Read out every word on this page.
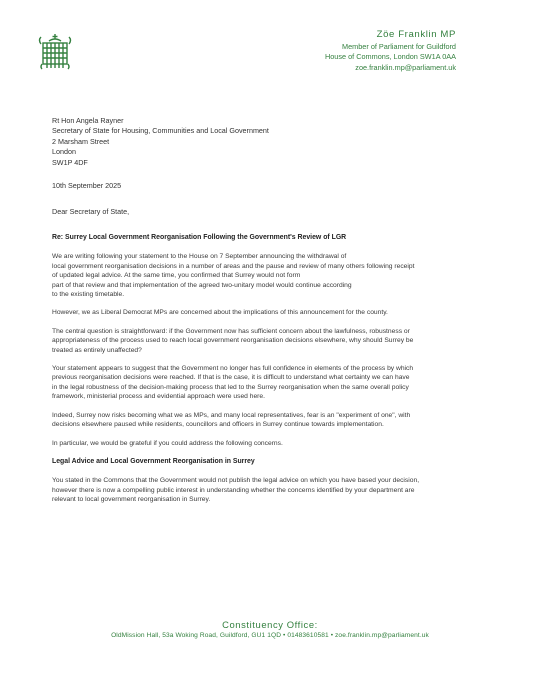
Zöe Franklin MP
Member of Parliament for Guildford
House of Commons, London SW1A 0AA
zoe.franklin.mp@parliament.uk
Rt Hon Angela Rayner
Secretary of State for Housing, Communities and Local Government
2 Marsham Street
London
SW1P 4DF
10th September 2025
Dear Secretary of State,

Re: Surrey Local Government Reorganisation Following the Government's Review of LGR

We are writing following your statement to the House on 7 September announcing the withdrawal of
local government reorganisation decisions in a number of areas and the pause and review of many others following receipt
of updated legal advice. At the same time, you confirmed that Surrey would not form
part of that review and that implementation of the agreed two-unitary model would continue according
to the existing timetable.

However, we as Liberal Democrat MPs are concerned about the implications of this announcement for the county.

The central question is straightforward: if the Government now has sufficient concern about the lawfulness, robustness or
appropriateness of the process used to reach local government reorganisation decisions elsewhere, why should Surrey be
treated as entirely unaffected?

Your statement appears to suggest that the Government no longer has full confidence in elements of the process by which
previous reorganisation decisions were reached. If that is the case, it is difficult to understand what certainty we can have
in the legal robustness of the decision-making process that led to the Surrey reorganisation when the same overall policy
framework, ministerial process and evidential approach were used here.

Indeed, Surrey now risks becoming what we as MPs, and many local representatives, fear is an "experiment of one", with
decisions elsewhere paused while residents, councillors and officers in Surrey continue towards implementation.

In particular, we would be grateful if you could address the following concerns.

Legal Advice and Local Government Reorganisation in Surrey

You stated in the Commons that the Government would not publish the legal advice on which you have based your decision,
however there is now a compelling public interest in understanding whether the concerns identified by your department are
relevant to local government reorganisation in Surrey.

Constituency Office:
OldMission Hall, 53a Woking Road, Guildford, GU1 1QD • 01483610581 • zoe.franklin.mp@parliament.uk
